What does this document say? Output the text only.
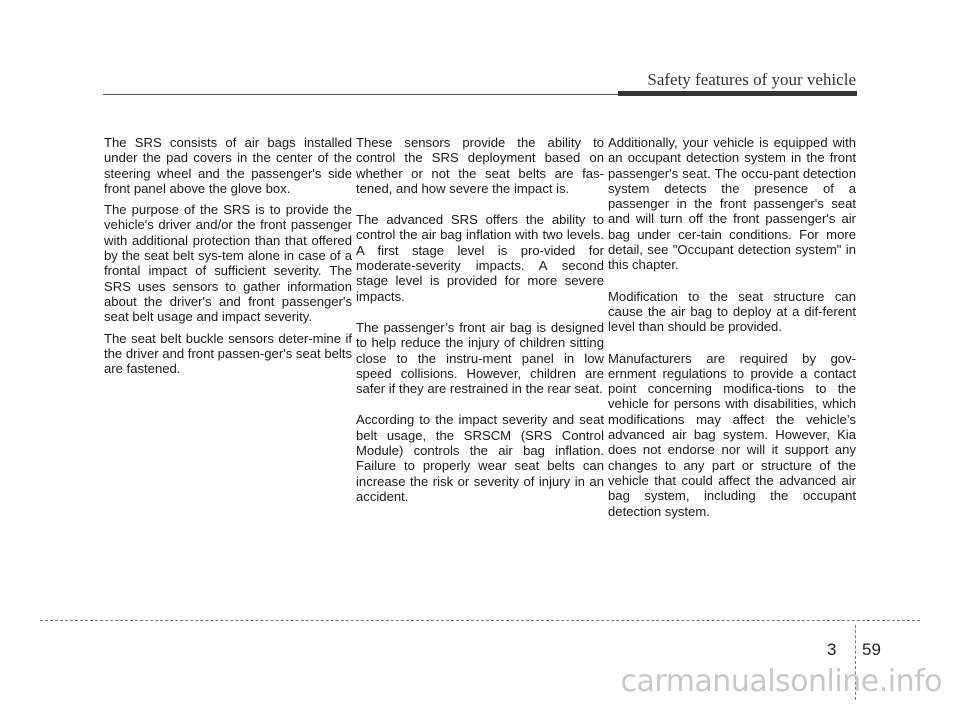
Safety features of your vehicle

The SRS consists of air bags installed under the pad covers in the center of the steering wheel and the passenger's side front panel above the glove box.

The purpose of the SRS is to provide the vehicle's driver and/or the front passenger with additional protection than that offered by the seat belt sys-tem alone in case of a frontal impact of sufficient severity. The SRS uses sensors to gather information about the driver's and front passenger's seat belt usage and impact severity.

The seat belt buckle sensors deter-mine if the driver and front passen-ger's seat belts are fastened.

These sensors provide the ability to control the SRS deployment based on whether or not the seat belts are fas-tened, and how severe the impact is.

The advanced SRS offers the ability to control the air bag inflation with two levels. A first stage level is pro-vided for moderate-severity impacts. A second stage level is provided for more severe impacts.

The passenger’s front air bag is designed to help reduce the injury of children sitting close to the instru-ment panel in low speed collisions. However, children are safer if they are restrained in the rear seat.

According to the impact severity and seat belt usage, the SRSCM (SRS Control Module) controls the air bag inflation. Failure to properly wear seat belts can increase the risk or severity of injury in an accident.

Additionally, your vehicle is equipped with an occupant detection system in the front passenger's seat. The occu-pant detection system detects the presence of a passenger in the front passenger's seat and will turn off the front passenger's air bag under cer-tain conditions. For more detail, see "Occupant detection system" in this chapter.

Modification to the seat structure can cause the air bag to deploy at a dif-ferent level than should be provided.

Manufacturers are required by gov-ernment regulations to provide a contact point concerning modifica-tions to the vehicle for persons with disabilities, which modifications may affect the vehicle’s advanced air bag system. However, Kia does not endorse nor will it support any changes to any part or structure of the vehicle that could affect the advanced air bag system, including the occupant detection system.

3 59
carmanualsonline.info
